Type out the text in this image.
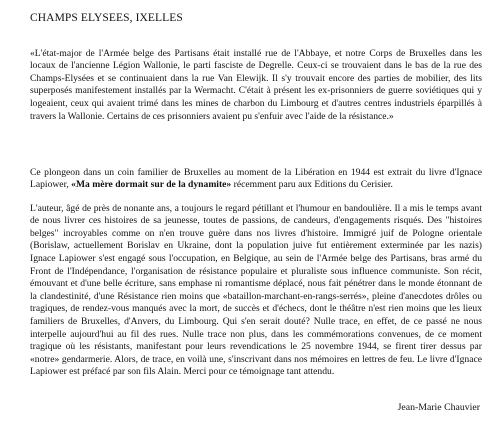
CHAMPS ELYSEES, IXELLES

«L'état-major de l'Armée belge des Partisans était installé rue de l'Abbaye, et notre Corps de Bruxelles dans les locaux de l'ancienne Légion Wallonie, le parti fasciste de Degrelle. Ceux-ci se trouvaient dans le bas de la rue des Champs-Elysées et se continuaient dans la rue Van Elewijk. Il s'y trouvait encore des parties de mobilier, des lits superposés manifestement installés par la Wermacht. C'était à présent les ex-prisonniers de guerre soviétiques qui y logeaient, ceux qui avaient trimé dans les mines de charbon du Limbourg et d'autres centres industriels éparpillés à travers la Wallonie. Certains de ces prisonniers avaient pu s'enfuir avec l'aide de la résistance.»

Ce plongeon dans un coin familier de Bruxelles au moment de la Libération en 1944 est extrait du livre d'Ignace Lapiower, «Ma mère dormait sur de la dynamite» récemment paru aux Editions du Cerisier.

L'auteur, âgé de près de nonante ans, a toujours le regard pétillant et l'humour en bandoulière. Il a mis le temps avant de nous livrer ces histoires de sa jeunesse, toutes de passions, de candeurs, d'engagements risqués. Des "histoires belges" incroyables comme on n'en trouve guère dans nos livres d'histoire. Immigré juif de Pologne orientale (Borislaw, actuellement Borislav en Ukraine, dont la population juive fut entièrement exterminée par les nazis) Ignace Lapiower s'est engagé sous l'occupation, en Belgique, au sein de l'Armée belge des Partisans, bras armé du Front de l'Indépendance, l'organisation de résistance populaire et pluraliste sous influence communiste. Son récit, émouvant et d'une belle écriture, sans emphase ni romantisme déplacé, nous fait pénétrer dans le monde étonnant de la clandestinité, d'une Résistance rien moins que «bataillon-marchant-en-rangs-serrés», pleine d'anecdotes drôles ou tragiques, de rendez-vous manqués avec la mort, de succès et d'échecs, dont le théâtre n'est rien moins que les lieux familiers de Bruxelles, d'Anvers, du Limbourg. Qui s'en serait douté? Nulle trace, en effet, de ce passé ne nous interpelle aujourd'hui au fil des rues. Nulle trace non plus, dans les commémorations convenues, de ce moment tragique où les résistants, manifestant pour leurs revendications le 25 novembre 1944, se firent tirer dessus par «notre» gendarmerie. Alors, de trace, en voilà une, s'inscrivant dans nos mémoires en lettres de feu. Le livre d'Ignace Lapiower est préfacé par son fils Alain. Merci pour ce témoignage tant attendu.

Jean-Marie Chauvier
